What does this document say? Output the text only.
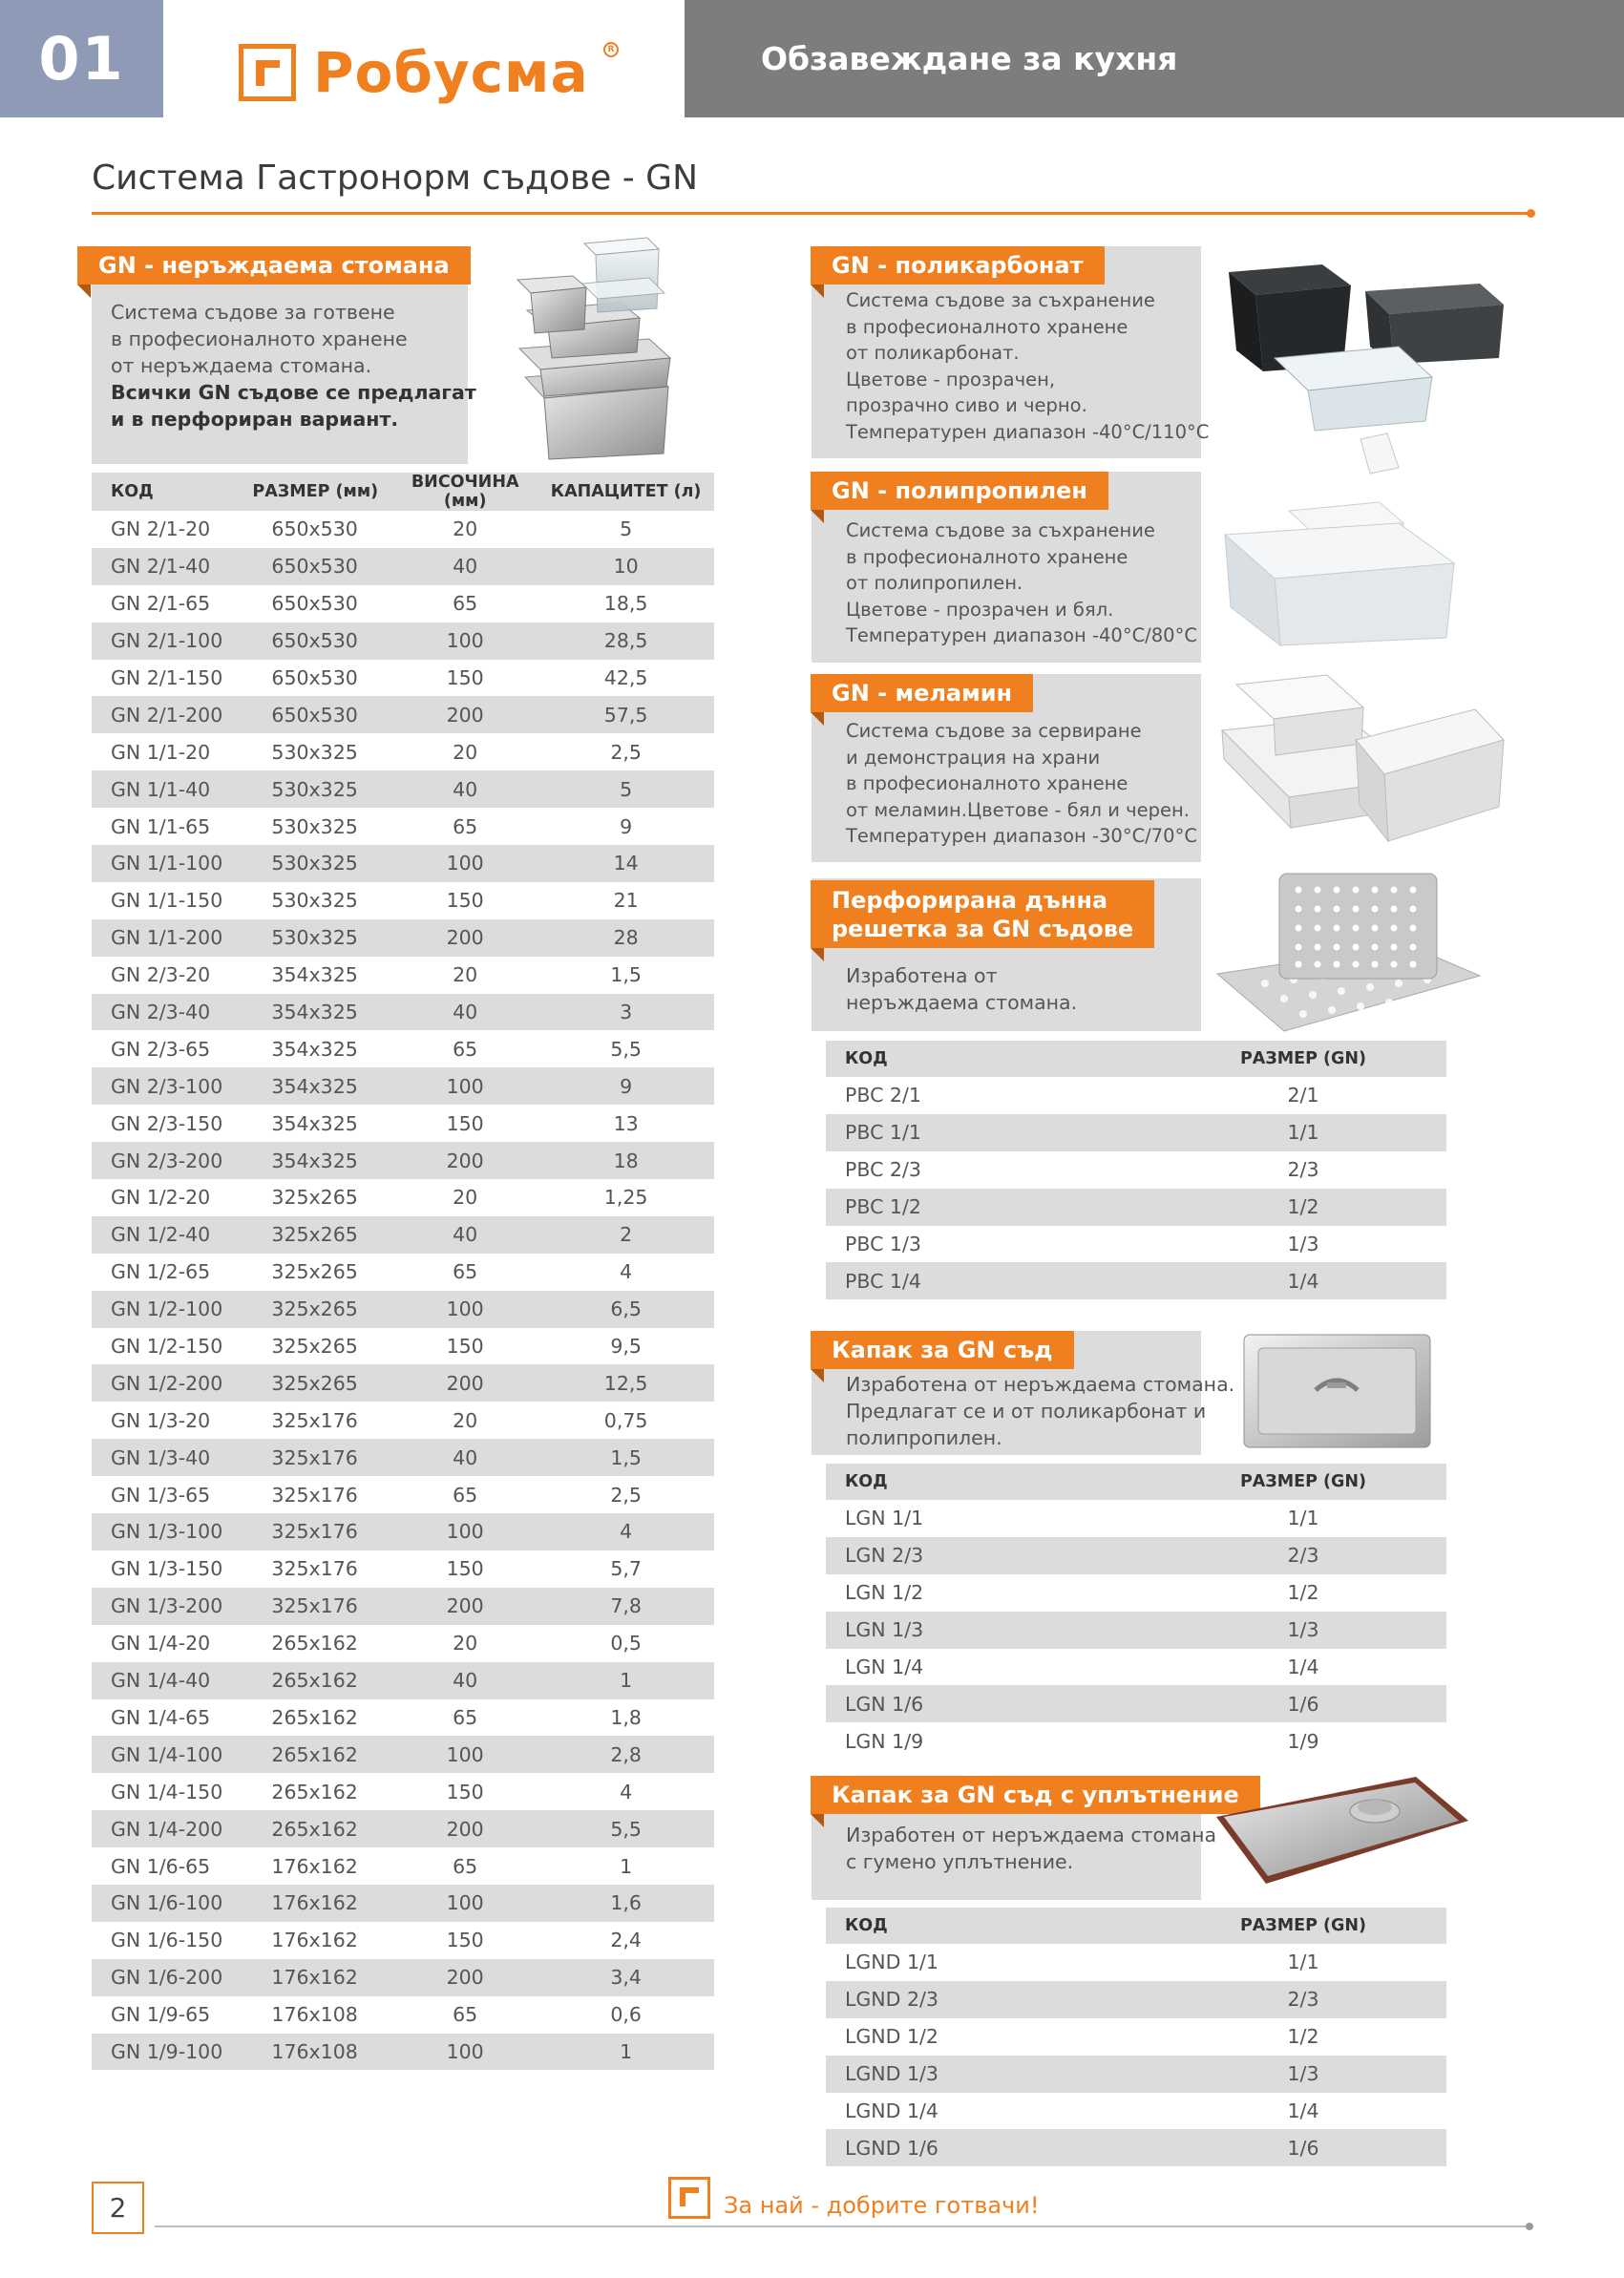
01	Робусма	R	Обзавеждане за кухня
Система Гастронорм съдове - GN
GN - неръждаема стомана
Система съдове за готвене
в професионалното хранене
от неръждаема стомана.
Всички GN съдове се предлагат
и в перфориран вариант.
КОД	РАЗМЕР (мм)	ВИСОЧИНА (мм)	КАПАЦИТЕТ (л)
GN 2/1-20	650x530	20	5
GN 2/1-40	650x530	40	10
GN 2/1-65	650x530	65	18,5
GN 2/1-100	650x530	100	28,5
GN 2/1-150	650x530	150	42,5
GN 2/1-200	650x530	200	57,5
GN 1/1-20	530x325	20	2,5
GN 1/1-40	530x325	40	5
GN 1/1-65	530x325	65	9
GN 1/1-100	530x325	100	14
GN 1/1-150	530x325	150	21
GN 1/1-200	530x325	200	28
GN 2/3-20	354x325	20	1,5
GN 2/3-40	354x325	40	3
GN 2/3-65	354x325	65	5,5
GN 2/3-100	354x325	100	9
GN 2/3-150	354x325	150	13
GN 2/3-200	354x325	200	18
GN 1/2-20	325x265	20	1,25
GN 1/2-40	325x265	40	2
GN 1/2-65	325x265	65	4
GN 1/2-100	325x265	100	6,5
GN 1/2-150	325x265	150	9,5
GN 1/2-200	325x265	200	12,5
GN 1/3-20	325x176	20	0,75
GN 1/3-40	325x176	40	1,5
GN 1/3-65	325x176	65	2,5
GN 1/3-100	325x176	100	4
GN 1/3-150	325x176	150	5,7
GN 1/3-200	325x176	200	7,8
GN 1/4-20	265x162	20	0,5
GN 1/4-40	265x162	40	1
GN 1/4-65	265x162	65	1,8
GN 1/4-100	265x162	100	2,8
GN 1/4-150	265x162	150	4
GN 1/4-200	265x162	200	5,5
GN 1/6-65	176x162	65	1
GN 1/6-100	176x162	100	1,6
GN 1/6-150	176x162	150	2,4
GN 1/6-200	176x162	200	3,4
GN 1/9-65	176x108	65	0,6
GN 1/9-100	176x108	100	1
GN - поликарбонат
Система съдове за съхранение
в професионалното хранене
от поликарбонат.
Цветове - прозрачен,
прозрачно сиво и черно.
Температурен диапазон -40°C/110°C
GN - полипропилен
Система съдове за съхранение
в професионалното хранене
от полипропилен.
Цветове - прозрачен и бял.
Температурен диапазон -40°C/80°C
GN - меламин
Система съдове за сервиране
и демонстрация на храни
в професионалното хранене
от меламин.Цветове - бял и черен.
Температурен диапазон -30°C/70°C
Перфорирана дънна
решетка за GN съдове
Изработена от
неръждаема стомана.
КОД	РАЗМЕР (GN)
PBC 2/1	2/1
PBC 1/1	1/1
PBC 2/3	2/3
PBC 1/2	1/2
PBC 1/3	1/3
PBC 1/4	1/4
Капак за GN съд
Изработена от неръждаема стомана.
Предлагат се и от поликарбонат и
полипропилен.
КОД	РАЗМЕР (GN)
LGN 1/1	1/1
LGN 2/3	2/3
LGN 1/2	1/2
LGN 1/3	1/3
LGN 1/4	1/4
LGN 1/6	1/6
LGN 1/9	1/9
Капак за GN съд с уплътнение
Изработен от неръждаема стомана
с гумено уплътнение.
КОД	РАЗМЕР (GN)
LGND 1/1	1/1
LGND 2/3	2/3
LGND 1/2	1/2
LGND 1/3	1/3
LGND 1/4	1/4
LGND 1/6	1/6
2	За най - добрите готвачи!
